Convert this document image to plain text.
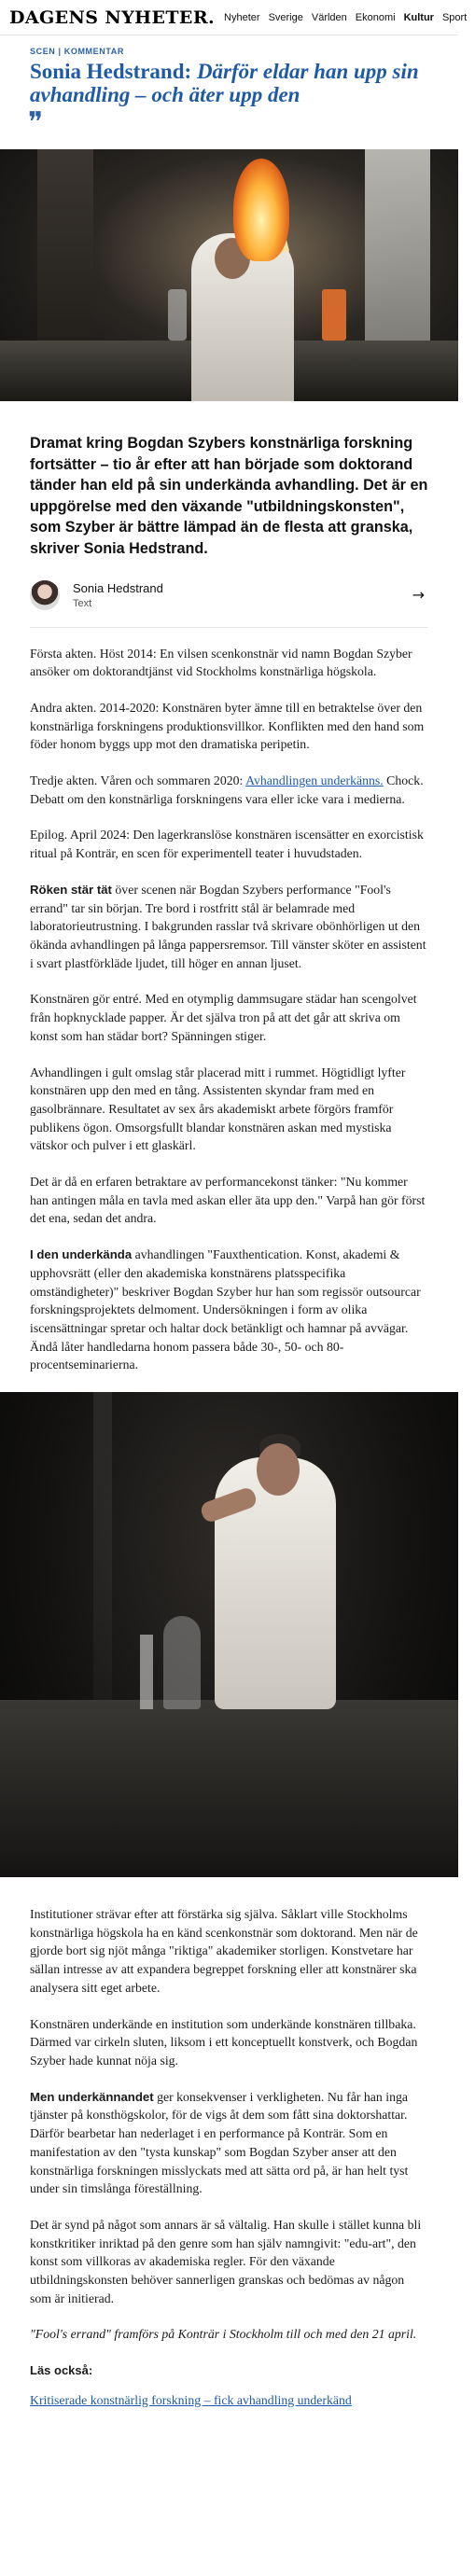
DAGENS NYHETER. Nyheter Sverige Världen Ekonomi Kultur Sport
SCEN | KOMMENTAR
Sonia Hedstrand: Därför eldar han upp sin avhandling – och äter upp den
❞

Dramat kring Bogdan Szybers konstnärliga forskning fortsätter – tio år efter att han började som doktorand tänder han eld på sin underkända avhandling. Det är en uppgörelse med den växande "utbildningskonsten", som Szyber är bättre lämpad än de flesta att granska, skriver Sonia Hedstrand.

Sonia Hedstrand
Text	→

Första akten. Höst 2014: En vilsen scenkonstnär vid namn Bogdan Szyber ansöker om doktorandtjänst vid Stockholms konstnärliga högskola.

Andra akten. 2014-2020: Konstnären byter ämne till en betraktelse över den konstnärliga forskningens produktionsvillkor. Konflikten med den hand som föder honom byggs upp mot den dramatiska peripetin.

Tredje akten. Våren och sommaren 2020: Avhandlingen underkänns. Chock. Debatt om den konstnärliga forskningens vara eller icke vara i medierna.

Epilog. April 2024: Den lagerkranslöse konstnären iscensätter en exorcistisk ritual på Konträr, en scen för experimentell teater i huvudstaden.

Röken stär tät över scenen när Bogdan Szybers performance "Fool's errand" tar sin början. Tre bord i rostfritt stål är belamrade med laboratorieutrustning. I bakgrunden rasslar två skrivare obönhörligen ut den ökända avhandlingen på långa pappersremsor. Till vänster sköter en assistent i svart plastförkläde ljudet, till höger en annan ljuset.

Konstnären gör entré. Med en otymplig dammsugare städar han scengolvet från hopknycklade papper. Är det själva tron på att det går att skriva om konst som han städar bort? Spänningen stiger.

Avhandlingen i gult omslag står placerad mitt i rummet. Högtidligt lyfter konstnären upp den med en tång. Assistenten skyndar fram med en gasolbrännare. Resultatet av sex års akademiskt arbete förgörs framför publikens ögon. Omsorgsfullt blandar konstnären askan med mystiska vätskor och pulver i ett glaskärl.

Det är då en erfaren betraktare av performancekonst tänker: "Nu kommer han antingen måla en tavla med askan eller äta upp den." Varpå han gör först det ena, sedan det andra.

I den underkända avhandlingen "Fauxthentication. Konst, akademi & upphovsrätt (eller den akademiska konstnärens platsspecifika omständigheter)" beskriver Bogdan Szyber hur han som regissör outsourcar forskningsprojektets delmoment. Undersökningen i form av olika iscensättningar spretar och haltar dock betänkligt och hamnar på avvägar. Ändå låter handledarna honom passera både 30-, 50- och 80-procentseminarierna.

Institutioner strävar efter att förstärka sig själva. Såklart ville Stockholms konstnärliga högskola ha en känd scenkonstnär som doktorand. Men när de gjorde bort sig njöt många "riktiga" akademiker storligen. Konstvetare har sällan intresse av att expandera begreppet forskning eller att konstnärer ska analysera sitt eget arbete.

Konstnären underkände en institution som underkände konstnären tillbaka. Därmed var cirkeln sluten, liksom i ett konceptuellt konstverk, och Bogdan Szyber hade kunnat nöja sig.

Men underkännandet ger konsekvenser i verkligheten. Nu får han inga tjänster på konsthögskolor, för de vigs åt dem som fått sina doktorshattar. Därför bearbetar han nederlaget i en performance på Konträr. Som en manifestation av den "tysta kunskap" som Bogdan Szyber anser att den konstnärliga forskningen misslyckats med att sätta ord på, är han helt tyst under sin timslånga föreställning.

Det är synd på något som annars är så vältalig. Han skulle i stället kunna bli konstkritiker inriktad på den genre som han själv namngivit: "edu-art", den konst som villkoras av akademiska regler. För den växande utbildningskonsten behöver sannerligen granskas och bedömas av någon som är initierad.

"Fool's errand" framförs på Konträr i Stockholm till och med den 21 april.

Läs också:
Kritiserade konstnärlig forskning – fick avhandling underkänd
